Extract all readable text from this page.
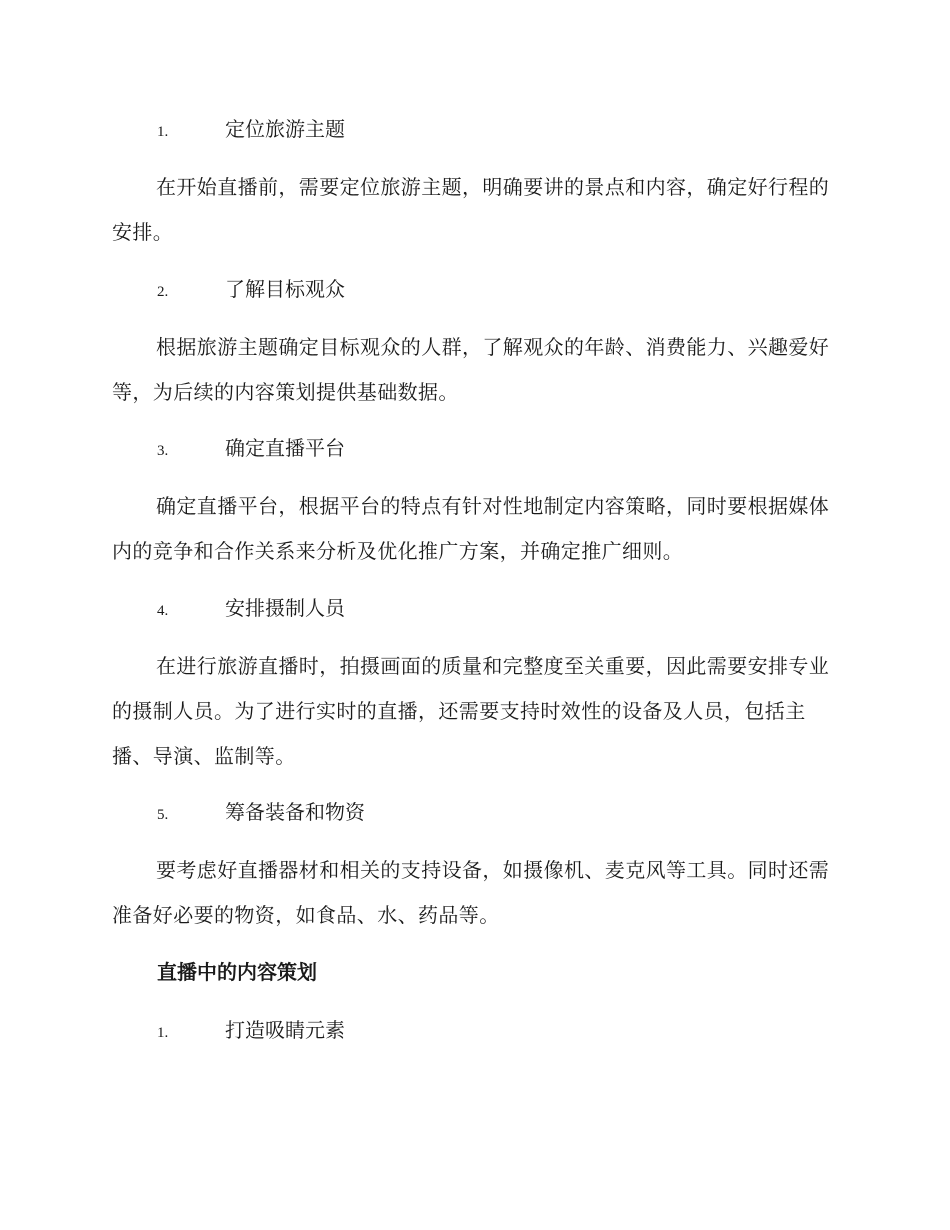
1.	定位旅游主题

在开始直播前，需要定位旅游主题，明确要讲的景点和内容，确定好行程的安排。

2.	了解目标观众

根据旅游主题确定目标观众的人群，了解观众的年龄、消费能力、兴趣爱好等，为后续的内容策划提供基础数据。

3.	确定直播平台

确定直播平台，根据平台的特点有针对性地制定内容策略，同时要根据媒体内的竞争和合作关系来分析及优化推广方案，并确定推广细则。

4.	安排摄制人员

在进行旅游直播时，拍摄画面的质量和完整度至关重要，因此需要安排专业的摄制人员。为了进行实时的直播，还需要支持时效性的设备及人员，包括主播、导演、监制等。

5.	筹备装备和物资

要考虑好直播器材和相关的支持设备，如摄像机、麦克风等工具。同时还需准备好必要的物资，如食品、水、药品等。

直播中的内容策划
1.	打造吸睛元素
